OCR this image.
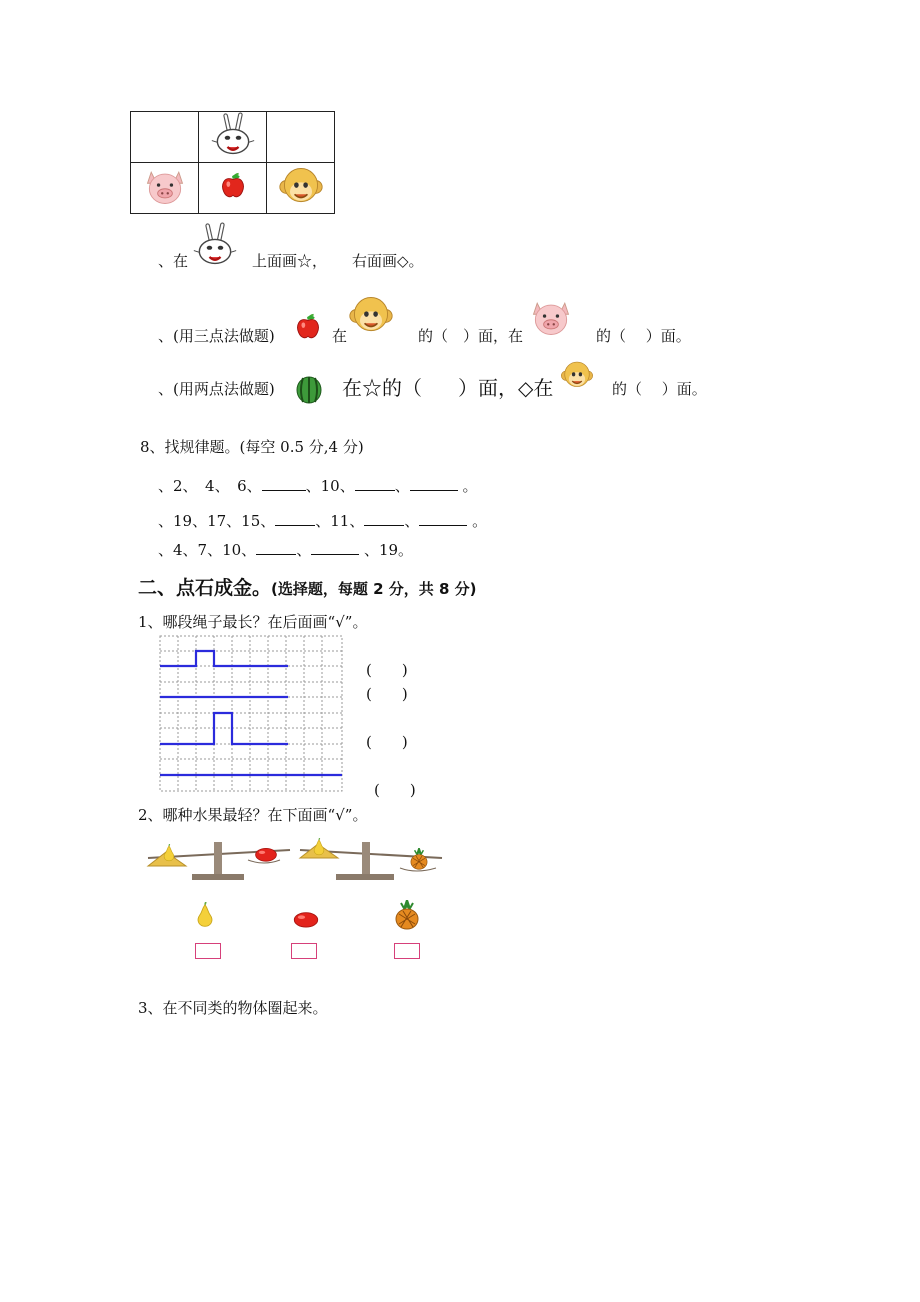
、在	上面画☆， 右面画◇。
、(用三点法做题)	在	的（　）面，在	的（　 ）面。
、(用两点法做题)	在☆的（ ）面，◇在	的（　 ）面。
8、找规律题。(每空 0.5 分,4 分)
、2、　4、　6、	、10、	、	。
、19、17、15、	、11、	、	。
、4、7、10、	、	、19。
二、点石成金。(选择题，每题 2 分，共 8 分)
1、哪段绳子最长？在后面画“√”。
(　　)
(　　)
(　　)
(　　)
2、哪种水果最轻？在下面画“√”。
3、在不同类的物体圈起来。
